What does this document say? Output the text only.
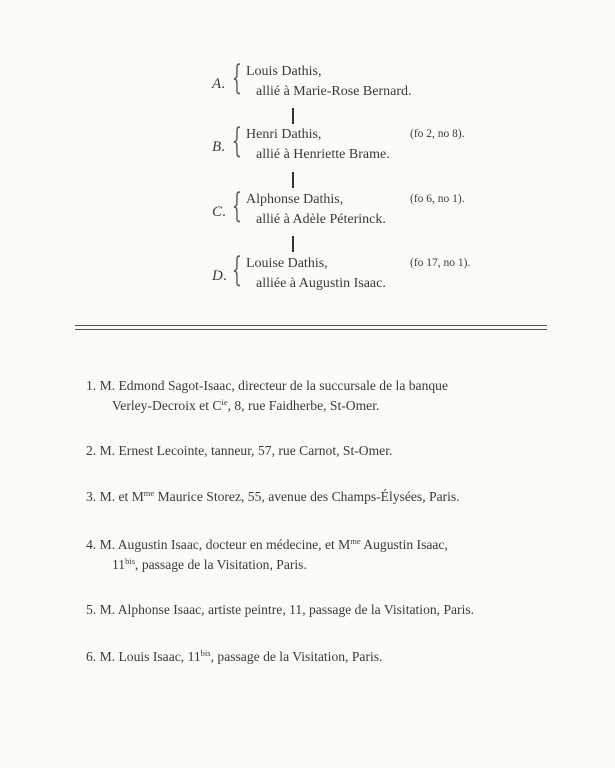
A. { Louis Dathis,
allié à Marie-Rose Bernard.
B. { Henri Dathis,
allié à Henriette Brame.
(fo 2, no 8).
C. { Alphonse Dathis,
allié à Adèle Péterinck.
(fo 6, no 1).
D. { Louise Dathis,
alliée à Augustin Isaac.
(fo 17, no 1).
1. M. Edmond Sagot-Isaac, directeur de la succursale de la banque
Verley-Decroix et $C^{ie}$, 8, rue Faidherbe, St-Omer.
2. M. Ernest Lecointe, tanneur, 57, rue Carnot, St-Omer.
3. M. et $M^{me}$ Maurice Storez, 55, avenue des Champs-Élysées, Paris.
4. M. Augustin Isaac, docteur en médecine, et $M^{me}$ Augustin Isaac,
$11^{bis}$, passage de la Visitation, Paris.
5. M. Alphonse Isaac, artiste peintre, 11, passage de la Visitation, Paris.
6. M. Louis Isaac, $11^{bis}$, passage de la Visitation, Paris.
